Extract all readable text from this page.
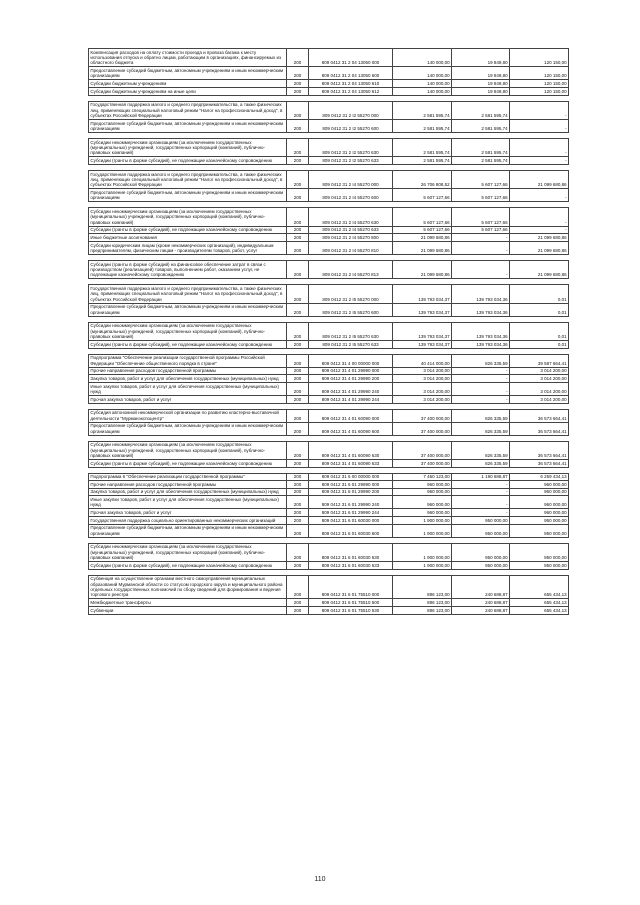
Компенсация расходов на оплату стоимости проезда и провоза багажа к месту использования отпуска и обратно лицам, работающим в организациях, финансируемых из областного бюджета	200	809 0412 31 2 04 13050 000	140 000,00	19 849,80	120 150,00
Предоставление субсидий бюджетным, автономным учреждениям и иным некоммерческим организациям	200	809 0412 31 2 04 13050 600	140 000,00	19 849,80	120 150,00
Субсидии бюджетным учреждениям	200	809 0412 31 2 04 13050 610	140 000,00	19 849,80	120 150,00
Субсидии бюджетным учреждениям на иные цели	200	809 0412 31 2 04 13050 612	140 000,00	19 849,80	120 150,00

Государственная поддержка малого и среднего предпринимательства, а также физических лиц, применяющих специальный налоговый режим "Налог на профессиональный доход", в субъектах Российской Федерации	200	809 0412 31 2 I2 55270 000	2 581 595,74	2 581 595,74	-
Предоставление субсидий бюджетным, автономным учреждениям и иным некоммерческим организациям	200	809 0412 31 2 I2 55270 600	2 581 595,74	2 581 595,74	-

Субсидии некоммерческим организациям (за исключением государственных (муниципальных) учреждений, государственных корпораций (компаний), публично-правовых компаний)	200	809 0412 31 2 I2 55270 630	2 581 595,74	2 581 595,74	-
Субсидии (гранты в форме субсидий), не подлежащие казначейскому сопровождению	200	809 0412 31 2 I2 55270 633	2 581 595,74	2 581 595,74	-

Государственная поддержка малого и среднего предпринимательства, а также физических лиц, применяющих специальный налоговый режим "Налог на профессиональный доход", в субъектах Российской Федерации	200	809 0412 31 2 I4 55270 000	26 706 808,52	5 607 127,66	21 099 680,86
Предоставление субсидий бюджетным, автономным учреждениям и иным некоммерческим организациям	200	809 0412 31 2 I4 55270 600	5 607 127,66	5 607 127,66	-

Субсидии некоммерческим организациям (за исключением государственных (муниципальных) учреждений, государственных корпораций (компаний), публично-правовых компаний)	200	809 0412 31 2 I4 55270 630	5 607 127,66	5 607 127,66	-
Субсидии (гранты в форме субсидий), не подлежащие казначейскому сопровождению	200	809 0412 31 2 I4 55270 633	5 607 127,66	5 607 127,66	-
Иные бюджетные ассигнования	200	809 0412 31 2 I4 55270 800	21 099 680,86	-	21 099 680,86
Субсидии юридическим лицам (кроме некоммерческих организаций), индивидуальным предпринимателям, физическим лицам - производителям товаров, работ, услуг	200	809 0412 31 2 I4 55270 810	21 099 680,86	-	21 099 680,86

Субсидии (гранты в форме субсидий) на финансовое обеспечение затрат в связи с производством (реализацией) товаров, выполнением работ, оказанием услуг, не подлежащие казначейскому сопровождению	200	809 0412 31 2 I4 55270 813	21 099 680,86	-	21 099 680,86

Государственная поддержка малого и среднего предпринимательства, а также физических лиц, применяющих специальный налоговый режим "Налог на профессиональный доход", в субъектах Российской Федерации	200	809 0412 31 2 I5 55270 000	139 793 034,37	139 793 034,36	0,01
Предоставление субсидий бюджетным, автономным учреждениям и иным некоммерческим организациям	200	809 0412 31 2 I5 55270 600	139 793 034,37	139 793 034,36	0,01

Субсидии некоммерческим организациям (за исключением государственных (муниципальных) учреждений, государственных корпораций (компаний), публично-правовых компаний)	200	809 0412 31 2 I5 55270 630	139 793 034,37	139 793 034,36	0,01
Субсидии (гранты в форме субсидий), не подлежащие казначейскому сопровождению	200	809 0412 31 2 I5 55270 633	139 793 034,37	139 793 034,36	0,01

Подпрограмма "Обеспечение реализации государственной программы Российской Федерации "Обеспечение общественного порядка в стране"	200	809 0412 31 4 00 00000 000	40 414 000,00	826 335,59	39 587 664,41
Прочие направления расходов государственной программы	200	809 0412 31 4 01 29990 000	3 014 200,00	-	3 014 200,00
Закупка товаров, работ и услуг для обеспечения государственных (муниципальных) нужд	200	809 0412 31 4 01 29990 200	3 014 200,00	-	3 014 200,00
Иные закупки товаров, работ и услуг для обеспечения государственных (муниципальных) нужд	200	809 0412 31 4 01 29990 240	3 014 200,00	-	3 014 200,00
Прочая закупка товаров, работ и услуг	200	809 0412 31 4 01 29990 244	3 014 200,00	-	3 014 200,00

Субсидия автономной некоммерческой организации по развитию кластерно-выставочной деятельности "Мурманэкспоцентр"	200	809 0412 31 4 01 60090 000	37 400 000,00	826 335,59	36 573 664,41
Предоставление субсидий бюджетным, автономным учреждениям и иным некоммерческим организациям	200	809 0412 31 4 01 60090 600	37 400 000,00	826 335,59	36 573 664,41

Субсидии некоммерческим организациям (за исключением государственных (муниципальных) учреждений, государственных корпораций (компаний), публично-правовых компаний)	200	809 0412 31 4 01 60090 630	37 400 000,00	826 335,59	36 573 664,41
Субсидии (гранты в форме субсидий), не подлежащие казначейскому сопровождению	200	809 0412 31 4 01 60090 633	37 400 000,00	826 335,59	36 573 664,41

Подпрограмма 6 "Обеспечение реализации государственной программы"	200	809 0412 31 6 00 00000 000	7 450 123,00	1 190 688,87	6 259 434,13
Прочие направления расходов государственной программы	200	809 0412 31 6 01 29990 000	960 000,00	-	960 000,00
Закупка товаров, работ и услуг для обеспечения государственных (муниципальных) нужд	200	809 0412 31 6 01 29990 200	960 000,00	-	960 000,00
Иные закупки товаров, работ и услуг для обеспечения государственных (муниципальных) нужд	200	809 0412 31 6 01 29990 240	960 000,00	-	960 000,00
Прочая закупка товаров, работ и услуг	200	809 0412 31 6 01 29990 244	960 000,00	-	960 000,00
Государственная поддержка социально ориентированных некоммерческих организаций	200	809 0412 31 6 01 60030 000	1 900 000,00	950 000,00	950 000,00
Предоставление субсидий бюджетным, автономным учреждениям и иным некоммерческим организациям	200	809 0412 31 6 01 60030 600	1 900 000,00	950 000,00	950 000,00

Субсидии некоммерческим организациям (за исключением государственных (муниципальных) учреждений, государственных корпораций (компаний), публично-правовых компаний)	200	809 0412 31 6 01 60030 630	1 900 000,00	950 000,00	950 000,00
Субсидии (гранты в форме субсидий), не подлежащие казначейскому сопровождению	200	809 0412 31 6 01 60030 633	1 900 000,00	950 000,00	950 000,00

Субвенция на осуществление органами местного самоуправления муниципальных образований Мурманской области со статусом городского округа и муниципального района отдельных государственных полномочий по сбору сведений для формирования и ведения торгового реестра	200	809 0412 31 6 01 75510 000	896 123,00	240 688,87	655 434,13
Межбюджетные трансферты	200	809 0412 31 6 01 75510 500	896 123,00	240 688,87	655 434,13
Субвенции	200	809 0412 31 6 01 75510 530	896 123,00	240 688,87	655 434,13
110
